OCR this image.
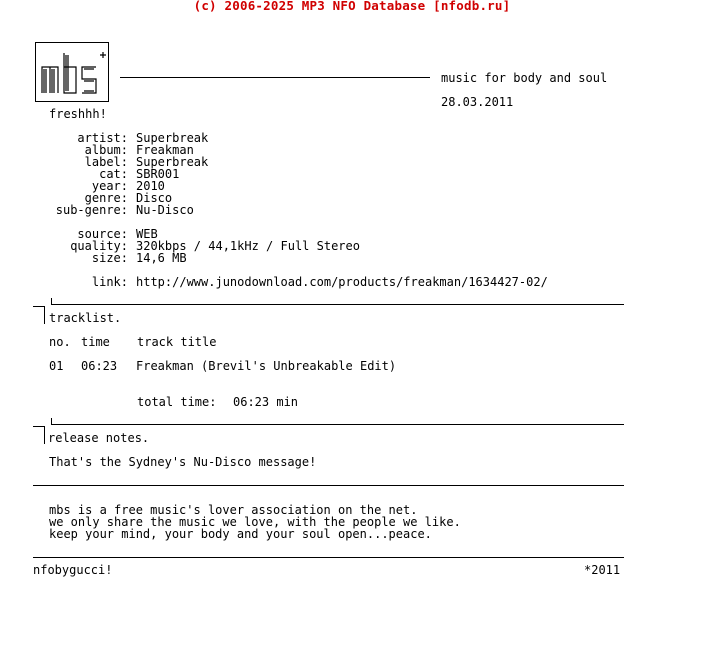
(c) 2006-2025 MP3 NFO Database [nfodb.ru]
music for body and soul
28.03.2011
freshhh!
artist: Superbreak
album: Freakman
label: Superbreak
cat: SBR001
year: 2010
genre: Disco
sub-genre: Nu-Disco
source: WEB
quality: 320kbps / 44,1kHz / Full Stereo
size: 14,6 MB
link: http://www.junodownload.com/products/freakman/1634427-02/
tracklist.
no. time track title
01 06:23 Freakman (Brevil's Unbreakable Edit)
total time: 06:23 min
release notes.
That's the Sydney's Nu-Disco message!
mbs is a free music's lover association on the net.
we only share the music we love, with the people we like.
keep your mind, your body and your soul open...peace.
nfobygucci!	*2011
